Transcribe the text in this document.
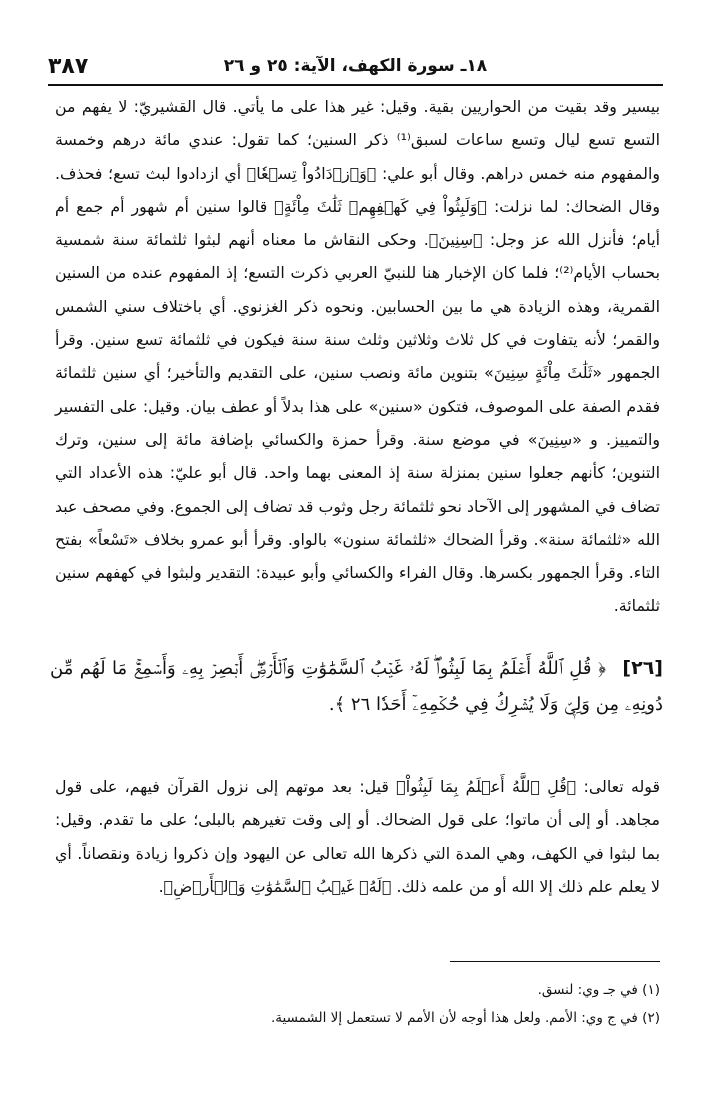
٣٨٧	١٨ـ سورة الكهف، الآية: ٢٥ و ٢٦
بيسير وقد بقيت من الحواريين بقية. وقيل: غير هذا على ما يأتي. قال القشيريّ: لا يفهم من التسع تسع ليال وتسع ساعات لسبق⁽¹⁾ ذكر السنين؛ كما تقول: عندي مائة درهم وخمسة والمفهوم منه خمس دراهم. وقال أبو علي: ﴿وَٱزۡدَادُواْ تِسۡعٗا﴾ أي ازدادوا لبث تسع؛ فحذف. وقال الضحاك: لما نزلت: ﴿وَلَبِثُواْ فِي كَهۡفِهِمۡ ثَلَٰثَ مِاْئَةٍ﴾ قالوا سنين أم شهور أم جمع أم أيام؛ فأنزل الله عز وجل: ﴿سِنِينَ﴾. وحكى النقاش ما معناه أنهم لبثوا ثلثمائة سنة شمسية بحساب الأيام⁽²⁾؛ فلما كان الإخبار هنا للنبيّ العربي ذكرت التسع؛ إذ المفهوم عنده من السنين القمرية، وهذه الزيادة هي ما بين الحسابين. ونحوه ذكر الغزنوي. أي باختلاف سني الشمس والقمر؛ لأنه يتفاوت في كل ثلاث وثلاثين وثلث سنة سنة فيكون في ثلثمائة تسع سنين. وقرأ الجمهور «ثَلَٰثَ مِاْئَةٍ سِنِينَ» بتنوين مائة ونصب سنين، على التقديم والتأخير؛ أي سنين ثلثمائة فقدم الصفة على الموصوف، فتكون «سنين» على هذا بدلاً أو عطف بيان. وقيل: على التفسير والتمييز. و «سِنِينَ» في موضع سنة. وقرأ حمزة والكسائي بإضافة مائة إلى سنين، وترك التنوين؛ كأنهم جعلوا سنين بمنزلة سنة إذ المعنى بهما واحد. قال أبو عليّ: هذه الأعداد التي تضاف في المشهور إلى الآحاد نحو ثلثمائة رجل وثوب قد تضاف إلى الجموع. وفي مصحف عبد الله «ثلثمائة سنة». وقرأ الضحاك «ثلثمائة سنون» بالواو. وقرأ أبو عمرو بخلاف «تَسْعاً» بفتح التاء. وقرأ الجمهور بكسرها. وقال الفراء والكسائي وأبو عبيدة: التقدير ولبثوا في كهفهم سنين ثلثمائة.
[٢٦] ﴿ قُلِ ٱللَّهُ أَعۡلَمُ بِمَا لَبِثُواْۖ لَهُۥ غَيۡبُ ٱلسَّمَٰوَٰتِ وَٱلۡأَرۡضِۖ أَبۡصِرۡ بِهِۦ وَأَسۡمِعۡۚ مَا لَهُم مِّن دُونِهِۦ مِن وَلِيّٖ وَلَا يُشۡرِكُ فِي حُكۡمِهِۦٓ أَحَدٗا ٢٦ ﴾.
قوله تعالى: ﴿قُلِ ٱللَّهُ أَعۡلَمُ بِمَا لَبِثُواْ﴾ قيل: بعد موتهم إلى نزول القرآن فيهم، على قول مجاهد. أو إلى أن ماتوا؛ على قول الضحاك. أو إلى وقت تغيرهم بالبلى؛ على ما تقدم. وقيل: بما لبثوا في الكهف، وهي المدة التي ذكرها الله تعالى عن اليهود وإن ذكروا زيادة ونقصاناً. أي لا يعلم علم ذلك إلا الله أو من علمه ذلك. ﴿لَهُۥ غَيۡبُ ٱلسَّمَٰوَٰتِ وَٱلۡأَرۡضِ﴾.
(١) في جـ وي: لنسق.
(٢) في ج وي: الأمم. ولعل هذا أوجه لأن الأمم لا تستعمل إلا الشمسية.
